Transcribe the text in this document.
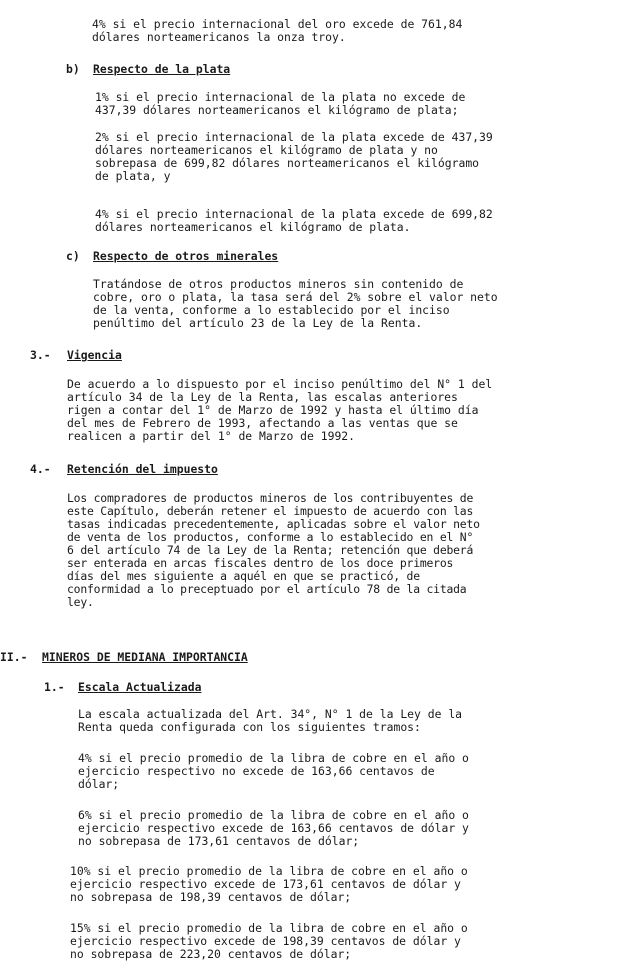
4% si el precio internacional del oro excede de 761,84
dólares norteamericanos la onza troy.

b) Respecto de la plata

1% si el precio internacional de la plata no excede de
437,39 dólares norteamericanos el kilógramo de plata;

2% si el precio internacional de la plata excede de 437,39
dólares norteamericanos el kilógramo de plata y no
sobrepasa de 699,82 dólares norteamericanos el kilógramo
de plata, y

4% si el precio internacional de la plata excede de 699,82
dólares norteamericanos el kilógramo de plata.

c) Respecto de otros minerales

Tratándose de otros productos mineros sin contenido de
cobre, oro o plata, la tasa será del 2% sobre el valor neto
de la venta, conforme a lo establecido por el inciso
penúltimo del artículo 23 de la Ley de la Renta.

3.- Vigencia

De acuerdo a lo dispuesto por el inciso penúltimo del N° 1 del
artículo 34 de la Ley de la Renta, las escalas anteriores
rigen a contar del 1° de Marzo de 1992 y hasta el último día
del mes de Febrero de 1993, afectando a las ventas que se
realicen a partir del 1° de Marzo de 1992.

4.- Retención del impuesto

Los compradores de productos mineros de los contribuyentes de
este Capítulo, deberán retener el impuesto de acuerdo con las
tasas indicadas precedentemente, aplicadas sobre el valor neto
de venta de los productos, conforme a lo establecido en el N°
6 del artículo 74 de la Ley de la Renta; retención que deberá
ser enterada en arcas fiscales dentro de los doce primeros
días del mes siguiente a aquél en que se practicó, de
conformidad a lo preceptuado por el artículo 78 de la citada
ley.

II.- MINEROS DE MEDIANA IMPORTANCIA
1.- Escala Actualizada

La escala actualizada del Art. 34°, N° 1 de la Ley de la
Renta queda configurada con los siguientes tramos:

4% si el precio promedio de la libra de cobre en el año o
ejercicio respectivo no excede de 163,66 centavos de
dólar;

6% si el precio promedio de la libra de cobre en el año o
ejercicio respectivo excede de 163,66 centavos de dólar y
no sobrepasa de 173,61 centavos de dólar;

10% si el precio promedio de la libra de cobre en el año o
ejercicio respectivo excede de 173,61 centavos de dólar y
no sobrepasa de 198,39 centavos de dólar;

15% si el precio promedio de la libra de cobre en el año o
ejercicio respectivo excede de 198,39 centavos de dólar y
no sobrepasa de 223,20 centavos de dólar;
